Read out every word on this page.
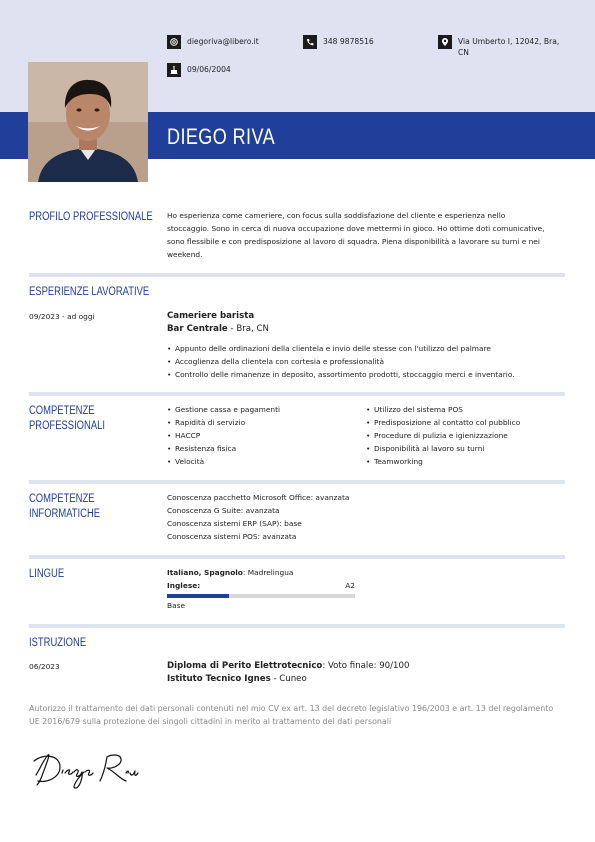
DIEGO RIVA
diegoriva@libero.it	348 9878516	Via Umberto I, 12042, Bra, CN
09/06/2004
PROFILO PROFESSIONALE Ho esperienza come cameriere, con focus sulla soddisfazione del cliente e esperienza nello stoccaggio. Sono in cerca di nuova occupazione dove mettermi in gioco. Ho ottime doti comunicative, sono flessibile e con predisposizione al lavoro di squadra. Piena disponibilità a lavorare su turni e nei weekend.
ESPERIENZE LAVORATIVE
09/2023 - ad oggi	Cameriere barista
Bar Centrale - Bra, CN
• Appunto delle ordinazioni della clientela e invio delle stesse con l'utilizzo del palmare
• Accoglienza della clientela con cortesia e professionalità
• Controllo delle rimanenze in deposito, assortimento prodotti, stoccaggio merci e inventario.
COMPETENZE
PROFESSIONALI
• Gestione cassa e pagamenti
• Rapidità di servizio
• HACCP
• Resistenza fisica
• Velocità
• Utilizzo del sistema POS
• Predisposizione al contatto col pubblico
• Procedure di pulizia e igienizzazione
• Disponibilità al lavoro su turni
• Teamworking
COMPETENZE
INFORMATICHE
Conoscenza pacchetto Microsoft Office: avanzata
Conoscenza G Suite: avanzata
Conoscenza sistemi ERP (SAP): base
Conoscenza sistemi POS: avanzata
LINGUE	Italiano, Spagnolo: Madrelingua
Inglese:	A2
Base
ISTRUZIONE
06/2023	Diploma di Perito Elettrotecnico: Voto finale: 90/100
Istituto Tecnico Ignes - Cuneo
Autorizzo il trattamento dei dati personali contenuti nel mio CV ex art. 13 del decreto legislativo 196/2003 e art. 13 del regolamento UE 2016/679 sulla protezione dei singoli cittadini in merito al trattamento dei dati personali
